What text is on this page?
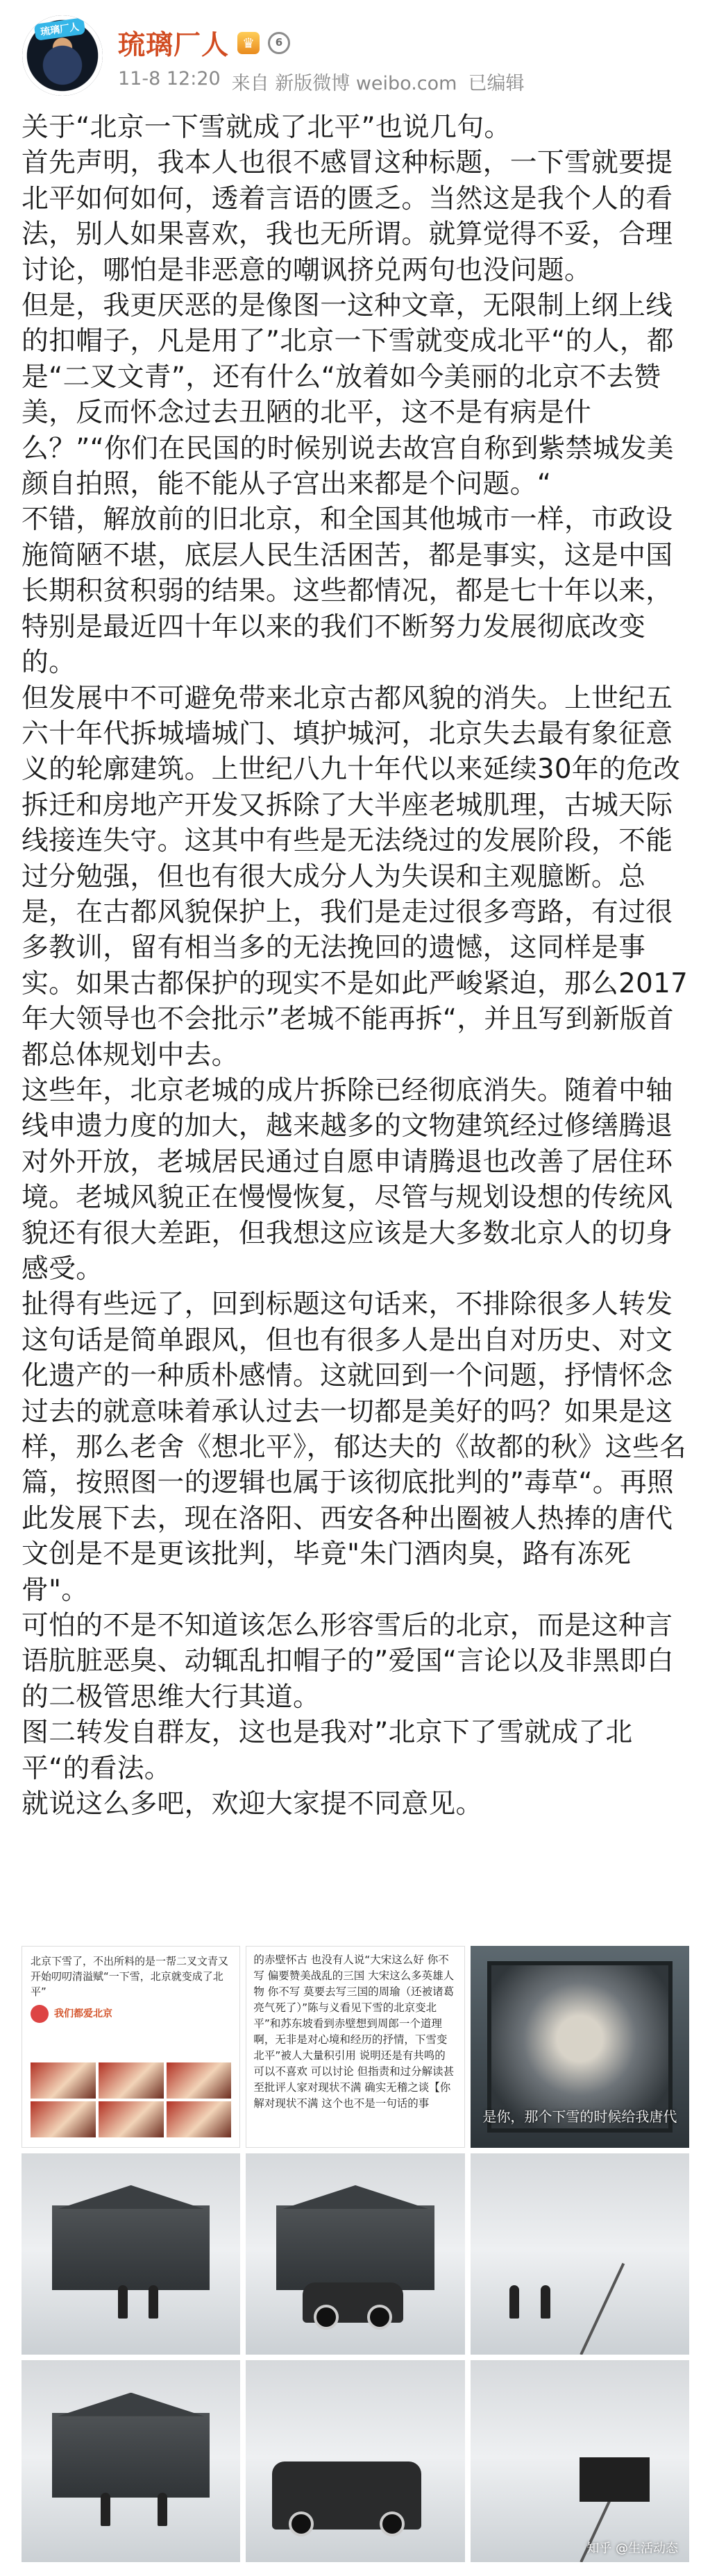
琉璃厂人
琉璃厂人 ♛	6
11-8 12:20 来自 新版微博 weibo.com 已编辑

关于“北京一下雪就成了北平”也说几句。

首先声明，我本人也很不感冒这种标题，一下雪就要提北平如何如何，透着言语的匮乏。当然这是我个人的看法，别人如果喜欢，我也无所谓。就算觉得不妥，合理讨论，哪怕是非恶意的嘲讽挤兑两句也没问题。

但是，我更厌恶的是像图一这种文章，无限制上纲上线的扣帽子，凡是用了”北京一下雪就变成北平“的人，都是“二叉文青”，还有什么“放着如今美丽的北京不去赞美，反而怀念过去丑陋的北平，这不是有病是什么？”“你们在民国的时候别说去故宫自称到紫禁城发美颜自拍照，能不能从子宫出来都是个问题。“

不错，解放前的旧北京，和全国其他城市一样，市政设施简陋不堪，底层人民生活困苦，都是事实，这是中国长期积贫积弱的结果。这些都情况，都是七十年以来，特别是最近四十年以来的我们不断努力发展彻底改变的。

但发展中不可避免带来北京古都风貌的消失。上世纪五六十年代拆城墙城门、填护城河，北京失去最有象征意义的轮廓建筑。上世纪八九十年代以来延续30年的危改拆迁和房地产开发又拆除了大半座老城肌理，古城天际线接连失守。这其中有些是无法绕过的发展阶段，不能过分勉强，但也有很大成分人为失误和主观臆断。总是，在古都风貌保护上，我们是走过很多弯路，有过很多教训，留有相当多的无法挽回的遗憾，这同样是事实。如果古都保护的现实不是如此严峻紧迫，那么2017年大领导也不会批示”老城不能再拆“，并且写到新版首都总体规划中去。

这些年，北京老城的成片拆除已经彻底消失。随着中轴线申遗力度的加大，越来越多的文物建筑经过修缮腾退对外开放，老城居民通过自愿申请腾退也改善了居住环境。老城风貌正在慢慢恢复，尽管与规划设想的传统风貌还有很大差距，但我想这应该是大多数北京人的切身感受。

扯得有些远了，回到标题这句话来，不排除很多人转发这句话是简单跟风，但也有很多人是出自对历史、对文化遗产的一种质朴感情。这就回到一个问题，抒情怀念过去的就意味着承认过去一切都是美好的吗？如果是这样，那么老舍《想北平》，郁达夫的《故都的秋》这些名篇，按照图一的逻辑也属于该彻底批判的”毒草“。再照此发展下去，现在洛阳、西安各种出圈被人热捧的唐代文创是不是更该批判，毕竟"朱门酒肉臭，路有冻死骨"。

可怕的不是不知道该怎么形容雪后的北京，而是这种言语肮脏恶臭、动辄乱扣帽子的”爱国“言论以及非黑即白的二极管思维大行其道。

图二转发自群友，这也是我对”北京下了雪就成了北平“的看法。

就说这么多吧，欢迎大家提不同意见。

北京下雪了，不出所料的是一帮二叉文青又开始叨叨清溢赋“一下雪，北京就变成了北平”
我们都爱北京
的赤壁怀古 也没有人说“大宋这么好 你不写 偏要赞美战乱的三国 大宋这么多英雄人物 你不写 莫要去写三国的周瑜（还被诸葛亮气死了）”陈与义看见下雪的北京变北平”和苏东坡看到赤壁想到周郎一个道理啊，无非是对心境和经历的抒情，下雪变北平”被人大量积引用 说明还是有共鸣的 可以不喜欢 可以讨论 但指责和过分解读甚至批评人家对现状不满 确实无稽之谈【你解对现状不满 这个也不是一句话的事
是你，那个下雪的时候给我唐代
知乎 @生活动态
